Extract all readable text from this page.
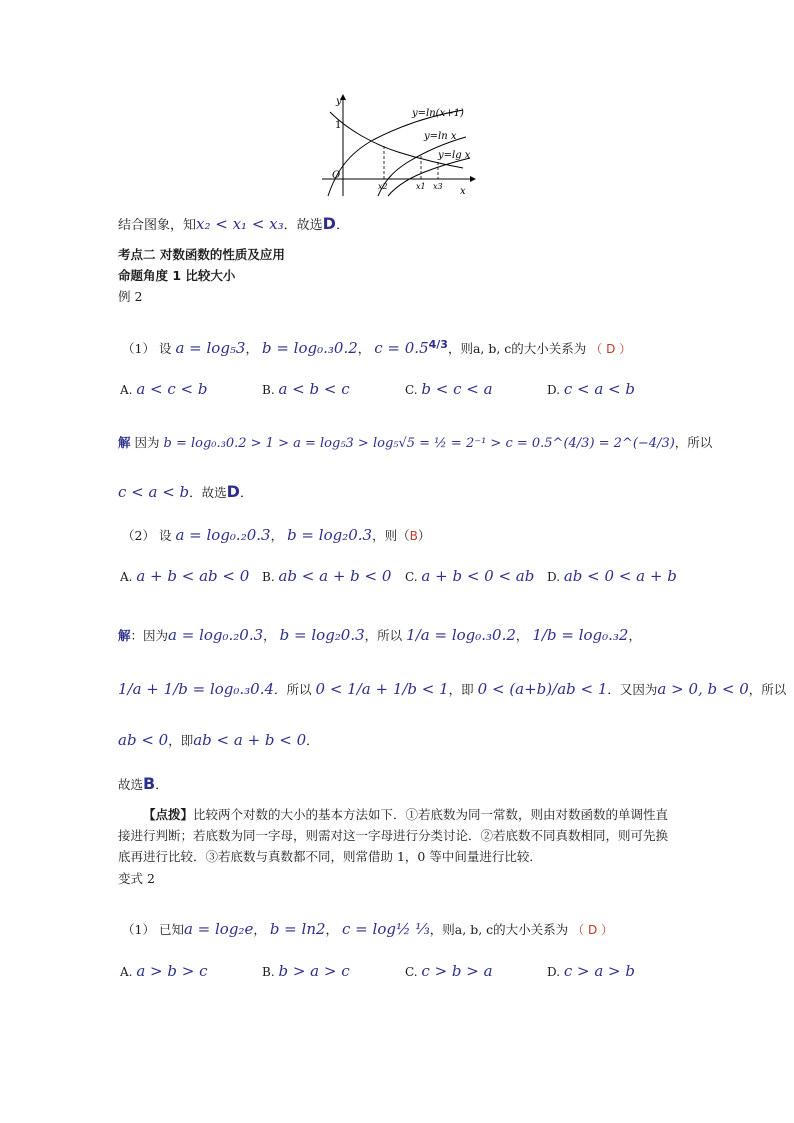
y
x
O
1
y=ln(x+1)
y=ln x
y=lg x
x2	x1 x3
结合图象，知x₂ < x₁ < x₃．故选D．
考点二 对数函数的性质及应用
命题角度 1 比较大小
例 2
（1） 设 a = log₅3， b = log₀.₃0.2， $c = 0.5^{4/3}$，则a, b, c的大小关系为 （ D ）
A. a < c < b	B. a < b < c	C. b < c < a	D. c < a < b
解 因为 b = log₀.₃0.2 > 1 > a = log₅3 > log₅√5 = ½ = 2⁻¹ > c = 0.5^(4/3) = 2^(−4/3)，所以
c < a < b．故选D．
（2） 设 a = log₀.₂0.3， b = log₂0.3，则（B）
A. a + b < ab < 0 B. ab < a + b < 0 C. a + b < 0 < ab D. ab < 0 < a + b
解：因为a = log₀.₂0.3， b = log₂0.3，所以 1/a = log₀.₃0.2， 1/b = log₀.₃2，
1/a + 1/b = log₀.₃0.4．所以 0 < 1/a + 1/b < 1，即 0 < (a+b)/ab < 1．又因为a > 0, b < 0，所以
ab < 0，即ab < a + b < 0．
故选B．
【点拨】比较两个对数的大小的基本方法如下．①若底数为同一常数，则由对数函数的单调性直接进行判断；若底数为同一字母，则需对这一字母进行分类讨论．②若底数不同真数相同，则可先换底再进行比较．③若底数与真数都不同，则常借助 1，0 等中间量进行比较．
变式 2
（1） 已知a = log₂e， b = ln2， c = log½ ⅓，则a, b, c的大小关系为 （ D ）
A. a > b > c	B. b > a > c	C. c > b > a	D. c > a > b
